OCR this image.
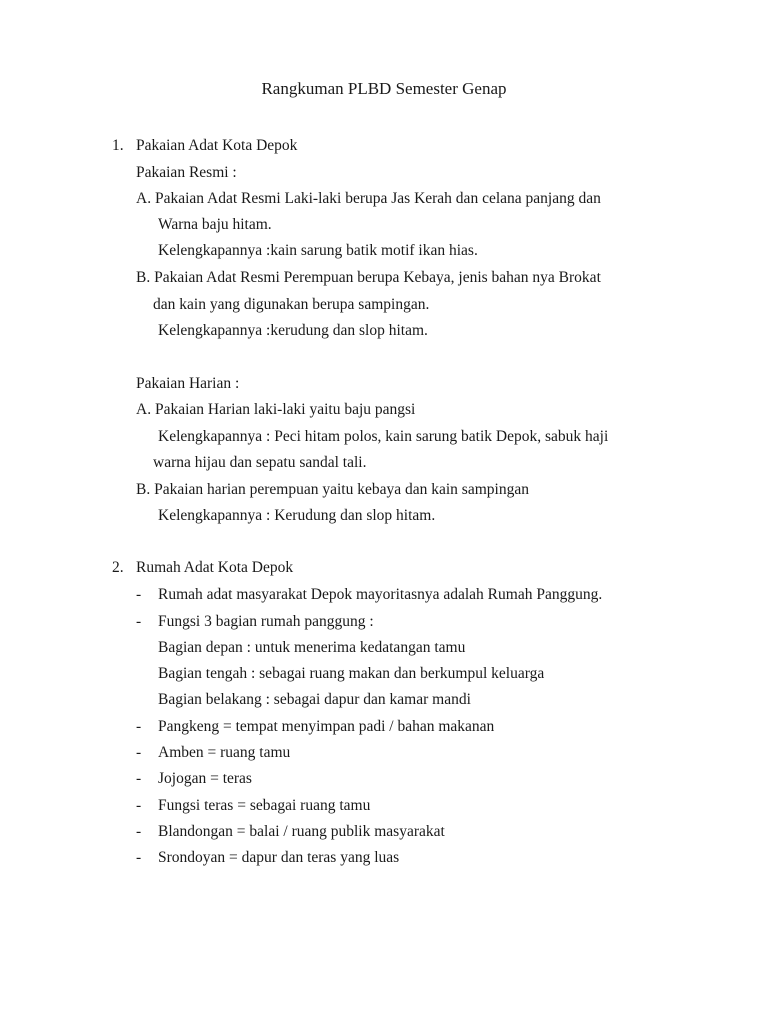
Rangkuman PLBD Semester Genap
1. Pakaian Adat Kota Depok
Pakaian Resmi :
A. Pakaian Adat Resmi Laki-laki berupa Jas Kerah dan celana panjang dan
Warna baju hitam.
Kelengkapannya :kain sarung batik motif ikan hias.
B. Pakaian Adat Resmi Perempuan berupa Kebaya, jenis bahan nya Brokat
dan kain yang digunakan berupa sampingan.
Kelengkapannya :kerudung dan slop hitam.
Pakaian Harian :
A. Pakaian Harian laki-laki yaitu baju pangsi
Kelengkapannya : Peci hitam polos, kain sarung batik Depok, sabuk haji
warna hijau dan sepatu sandal tali.
B. Pakaian harian perempuan yaitu kebaya dan kain sampingan
Kelengkapannya : Kerudung dan slop hitam.
2. Rumah Adat Kota Depok
- Rumah adat masyarakat Depok mayoritasnya adalah Rumah Panggung.
- Fungsi 3 bagian rumah panggung :
Bagian depan : untuk menerima kedatangan tamu
Bagian tengah : sebagai ruang makan dan berkumpul keluarga
Bagian belakang : sebagai dapur dan kamar mandi
- Pangkeng = tempat menyimpan padi / bahan makanan
- Amben = ruang tamu
- Jojogan = teras
- Fungsi teras = sebagai ruang tamu
- Blandongan = balai / ruang publik masyarakat
- Srondoyan = dapur dan teras yang luas
